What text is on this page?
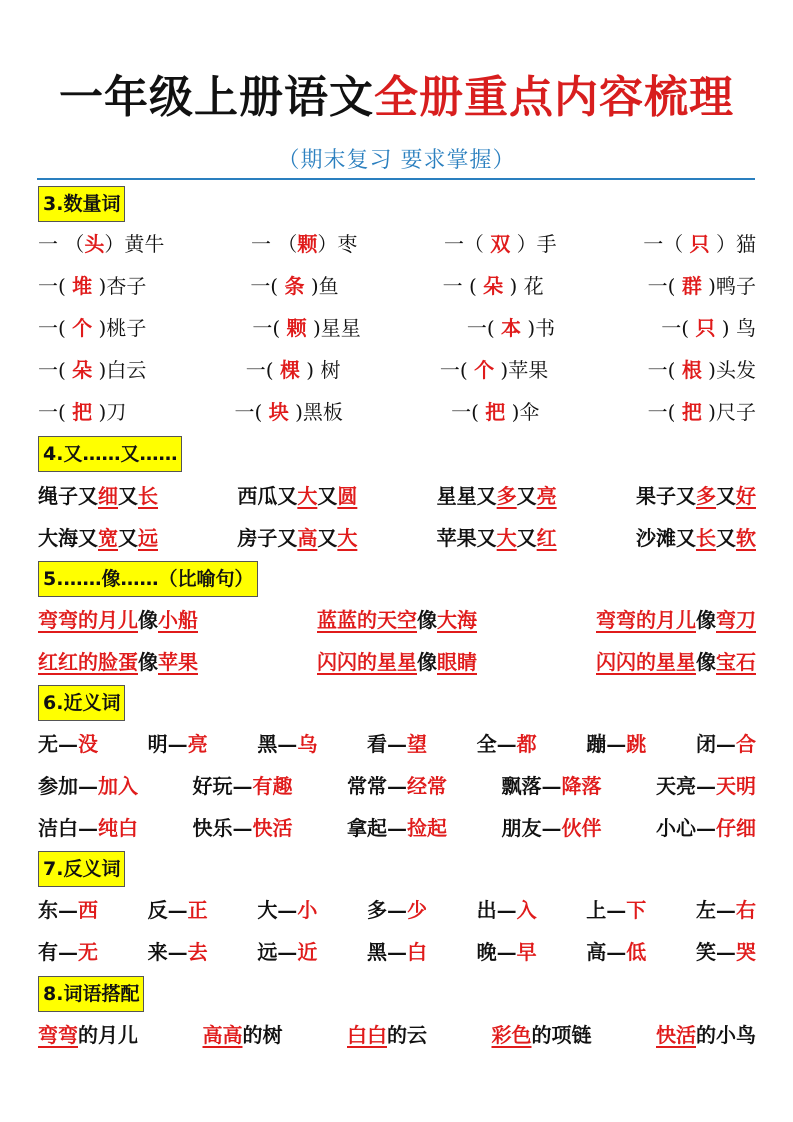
一年级上册语文全册重点内容梳理
（期末复习 要求掌握）
3.数量词
一 （头）黄牛	一 （颗）枣	一（ 双 ）手	一（ 只 ）猫
一( 堆 )杏子	一( 条 )鱼	一 ( 朵 ) 花	一( 群 )鸭子
一( 个 )桃子	一( 颗 )星星	一( 本 )书	一( 只 ) 鸟
一( 朵 )白云	一( 棵 ) 树	一( 个 )苹果	一( 根 )头发
一( 把 )刀	一( 块 )黑板	一( 把 )伞	一( 把 )尺子
4.又……又……
绳子又细又长	西瓜又大又圆	星星又多又亮	果子又多又好
大海又宽又远	房子又高又大	苹果又大又红	沙滩又长又软
5.……像……（比喻句）
弯弯的月儿像小船	蓝蓝的天空像大海	弯弯的月儿像弯刀
红红的脸蛋像苹果	闪闪的星星像眼睛	闪闪的星星像宝石
6.近义词
无—没 明—亮 黑—乌 看—望 全—都 蹦—跳 闭—合
参加—加入	好玩—有趣	常常—经常	飘落—降落	天亮—天明
洁白—纯白	快乐—快活	拿起—捡起	朋友—伙伴	小心—仔细
7.反义词
东—西 反—正 大—小 多—少 出—入 上—下 左—右
有—无 来—去 远—近 黑—白 晚—早 高—低 笑—哭
8.词语搭配
弯弯的月儿	高高的树	白白的云	彩色的项链	快活的小鸟
